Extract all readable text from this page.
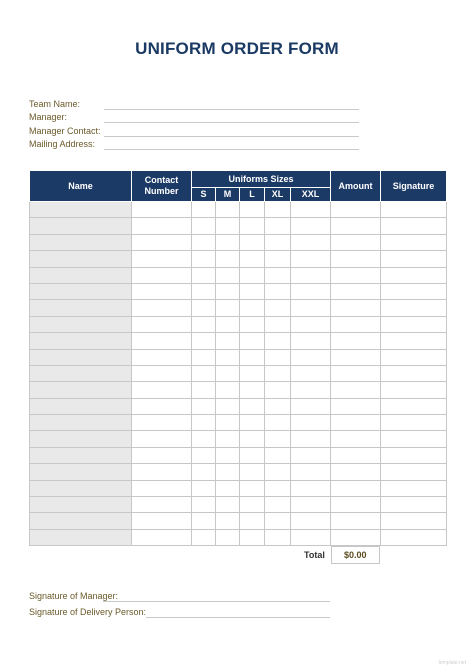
UNIFORM ORDER FORM
Team Name:
Manager:
Manager Contact:
Mailing Address:
Name	Contact Number	Uniforms Sizes					Amount	Signature
		S	M	L	XL	XXL		

Total	$0.00
Signature of Manager:
Signature of Delivery Person:
template.net
